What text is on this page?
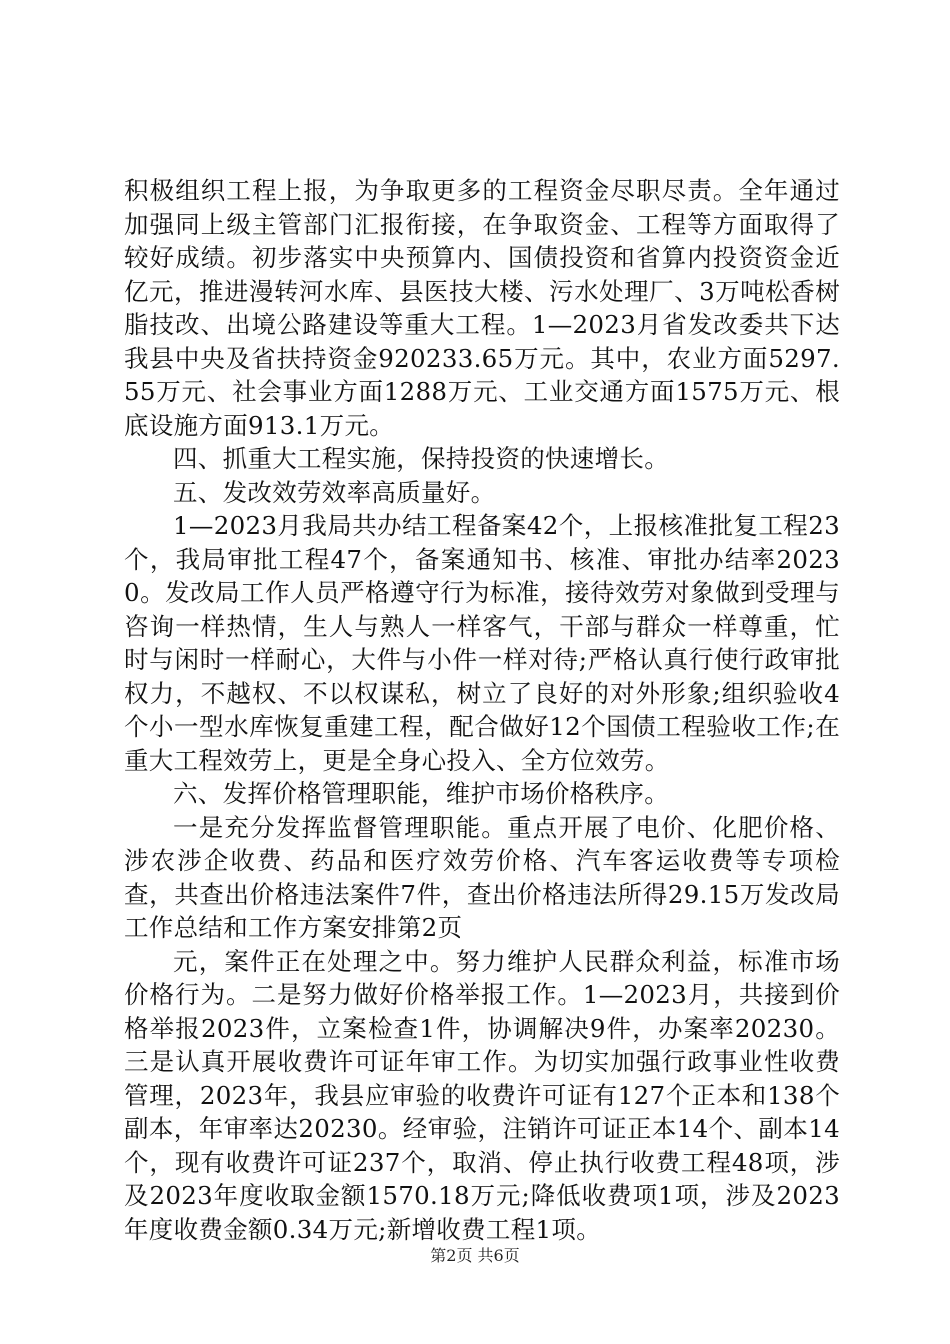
积极组织工程上报，为争取更多的工程资金尽职尽责。全年通过加强同上级主管部门汇报衔接，在争取资金、工程等方面取得了较好成绩。初步落实中央预算内、国债投资和省算内投资资金近亿元，推进漫转河水库、县医技大楼、污水处理厂、3万吨松香树脂技改、出境公路建设等重大工程。1—2023月省发改委共下达我县中央及省扶持资金920233.65万元。其中，农业方面5297.55万元、社会事业方面1288万元、工业交通方面1575万元、根底设施方面913.1万元。

四、抓重大工程实施，保持投资的快速增长。

五、发改效劳效率高质量好。

1—2023月我局共办结工程备案42个，上报核准批复工程23个，我局审批工程47个，备案通知书、核准、审批办结率20230。发改局工作人员严格遵守行为标准，接待效劳对象做到受理与咨询一样热情，生人与熟人一样客气，干部与群众一样尊重，忙时与闲时一样耐心，大件与小件一样对待;严格认真行使行政审批权力，不越权、不以权谋私，树立了良好的对外形象;组织验收4个小一型水库恢复重建工程，配合做好12个国债工程验收工作;在重大工程效劳上，更是全身心投入、全方位效劳。

六、发挥价格管理职能，维护市场价格秩序。

一是充分发挥监督管理职能。重点开展了电价、化肥价格、涉农涉企收费、药品和医疗效劳价格、汽车客运收费等专项检查，共查出价格违法案件7件，查出价格违法所得29.15万发改局工作总结和工作方案安排第2页

元，案件正在处理之中。努力维护人民群众利益，标准市场价格行为。二是努力做好价格举报工作。1—2023月，共接到价格举报2023件，立案检查1件，协调解决9件，办案率20230。三是认真开展收费许可证年审工作。为切实加强行政事业性收费管理，2023年，我县应审验的收费许可证有127个正本和138个副本，年审率达20230。经审验，注销许可证正本14个、副本14个，现有收费许可证237个，取消、停止执行收费工程48项，涉及2023年度收取金额1570.18万元;降低收费项1项，涉及2023年度收费金额0.34万元;新增收费工程1项。

第2页 共6页
